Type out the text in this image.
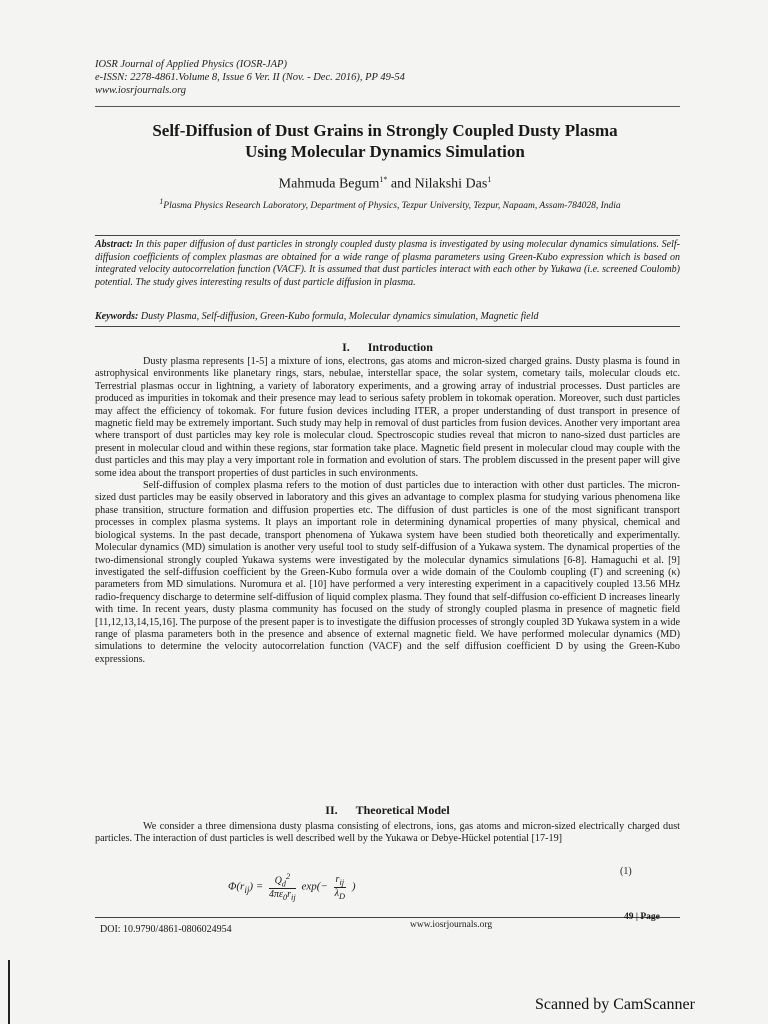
IOSR Journal of Applied Physics (IOSR-JAP)
e-ISSN: 2278-4861.Volume 8, Issue 6 Ver. II (Nov. - Dec. 2016), PP 49-54
www.iosrjournals.org
Self-Diffusion of Dust Grains in Strongly Coupled Dusty Plasma
Using Molecular Dynamics Simulation
Mahmuda Begum$^{1*}$ and Nilakshi Das$^1$
$^1$Plasma Physics Research Laboratory, Department of Physics, Tezpur University, Tezpur, Napaam, Assam-784028, India
Abstract: In this paper diffusion of dust particles in strongly coupled dusty plasma is investigated by using molecular dynamics simulations. Self-diffusion coefficients of complex plasmas are obtained for a wide range of plasma parameters using Green-Kubo expression which is based on integrated velocity autocorrelation function (VACF). It is assumed that dust particles interact with each other by Yukawa (i.e. screened Coulomb) potential. The study gives interesting results of dust particle diffusion in plasma.
Keywords: Dusty Plasma, Self-diffusion, Green-Kubo formula, Molecular dynamics simulation, Magnetic field
I. Introduction

Dusty plasma represents [1-5] a mixture of ions, electrons, gas atoms and micron-sized charged grains. Dusty plasma is found in astrophysical environments like planetary rings, stars, nebulae, interstellar space, the solar system, cometary tails, molecular clouds etc. Terrestrial plasmas occur in lightning, a variety of laboratory experiments, and a growing array of industrial processes. Dust particles are produced as impurities in tokomak and their presence may lead to serious safety problem in tokomak operation. Moreover, such dust particles may affect the efficiency of tokomak. For future fusion devices including ITER, a proper understanding of dust transport in presence of magnetic field may be extremely important. Such study may help in removal of dust particles from fusion devices. Another very important area where transport of dust particles may key role is molecular cloud. Spectroscopic studies reveal that micron to nano-sized dust particles are present in molecular cloud and within these regions, star formation take place. Magnetic field present in molecular cloud may couple with the dust particles and this may play a very important role in formation and evolution of stars. The problem discussed in the present paper will give some idea about the transport properties of dust particles in such environments.

Self-diffusion of complex plasma refers to the motion of dust particles due to interaction with other dust particles. The micron-sized dust particles may be easily observed in laboratory and this gives an advantage to complex plasma for studying various phenomena like phase transition, structure formation and diffusion properties etc. The diffusion of dust particles is one of the most significant transport processes in complex plasma systems. It plays an important role in determining dynamical properties of many physical, chemical and biological systems. In the past decade, transport phenomena of Yukawa system have been studied both theoretically and experimentally. Molecular dynamics (MD) simulation is another very useful tool to study self-diffusion of a Yukawa system. The dynamical properties of the two-dimensional strongly coupled Yukawa systems were investigated by the molecular dynamics simulations [6-8]. Hamaguchi et al. [9] investigated the self-diffusion coefficient by the Green-Kubo formula over a wide domain of the Coulomb coupling (Γ) and screening (κ) parameters from MD simulations. Nuromura et al. [10] have performed a very interesting experiment in a capacitively coupled 13.56 MHz radio-frequency discharge to determine self-diffusion of liquid complex plasma. They found that self-diffusion co-efficient D increases linearly with time. In recent years, dusty plasma community has focused on the study of strongly coupled plasma in presence of magnetic field [11,12,13,14,15,16]. The purpose of the present paper is to investigate the diffusion processes of strongly coupled 3D Yukawa system in a wide range of plasma parameters both in the presence and absence of external magnetic field. We have performed molecular dynamics (MD) simulations to determine the velocity autocorrelation function (VACF) and the self diffusion coefficient D by using the Green-Kubo expressions.

II. Theoretical Model

We consider a three dimensiona dusty plasma consisting of electrons, ions, gas atoms and micron-sized electrically charged dust particles. The interaction of dust particles is well described well by the Yukawa or Debye-Hückel potential [17-19]

$\Phi(r_{ij}) = \frac{Q_d^2}{4\pi\varepsilon_0r_{ij}} \exp(- \frac{r_{ij}}{\lambda_D}$ )
(1)
DOI: 10.9790/4861-0806024954	www.iosrjournals.org
49 | Page
Scanned by CamScanner
